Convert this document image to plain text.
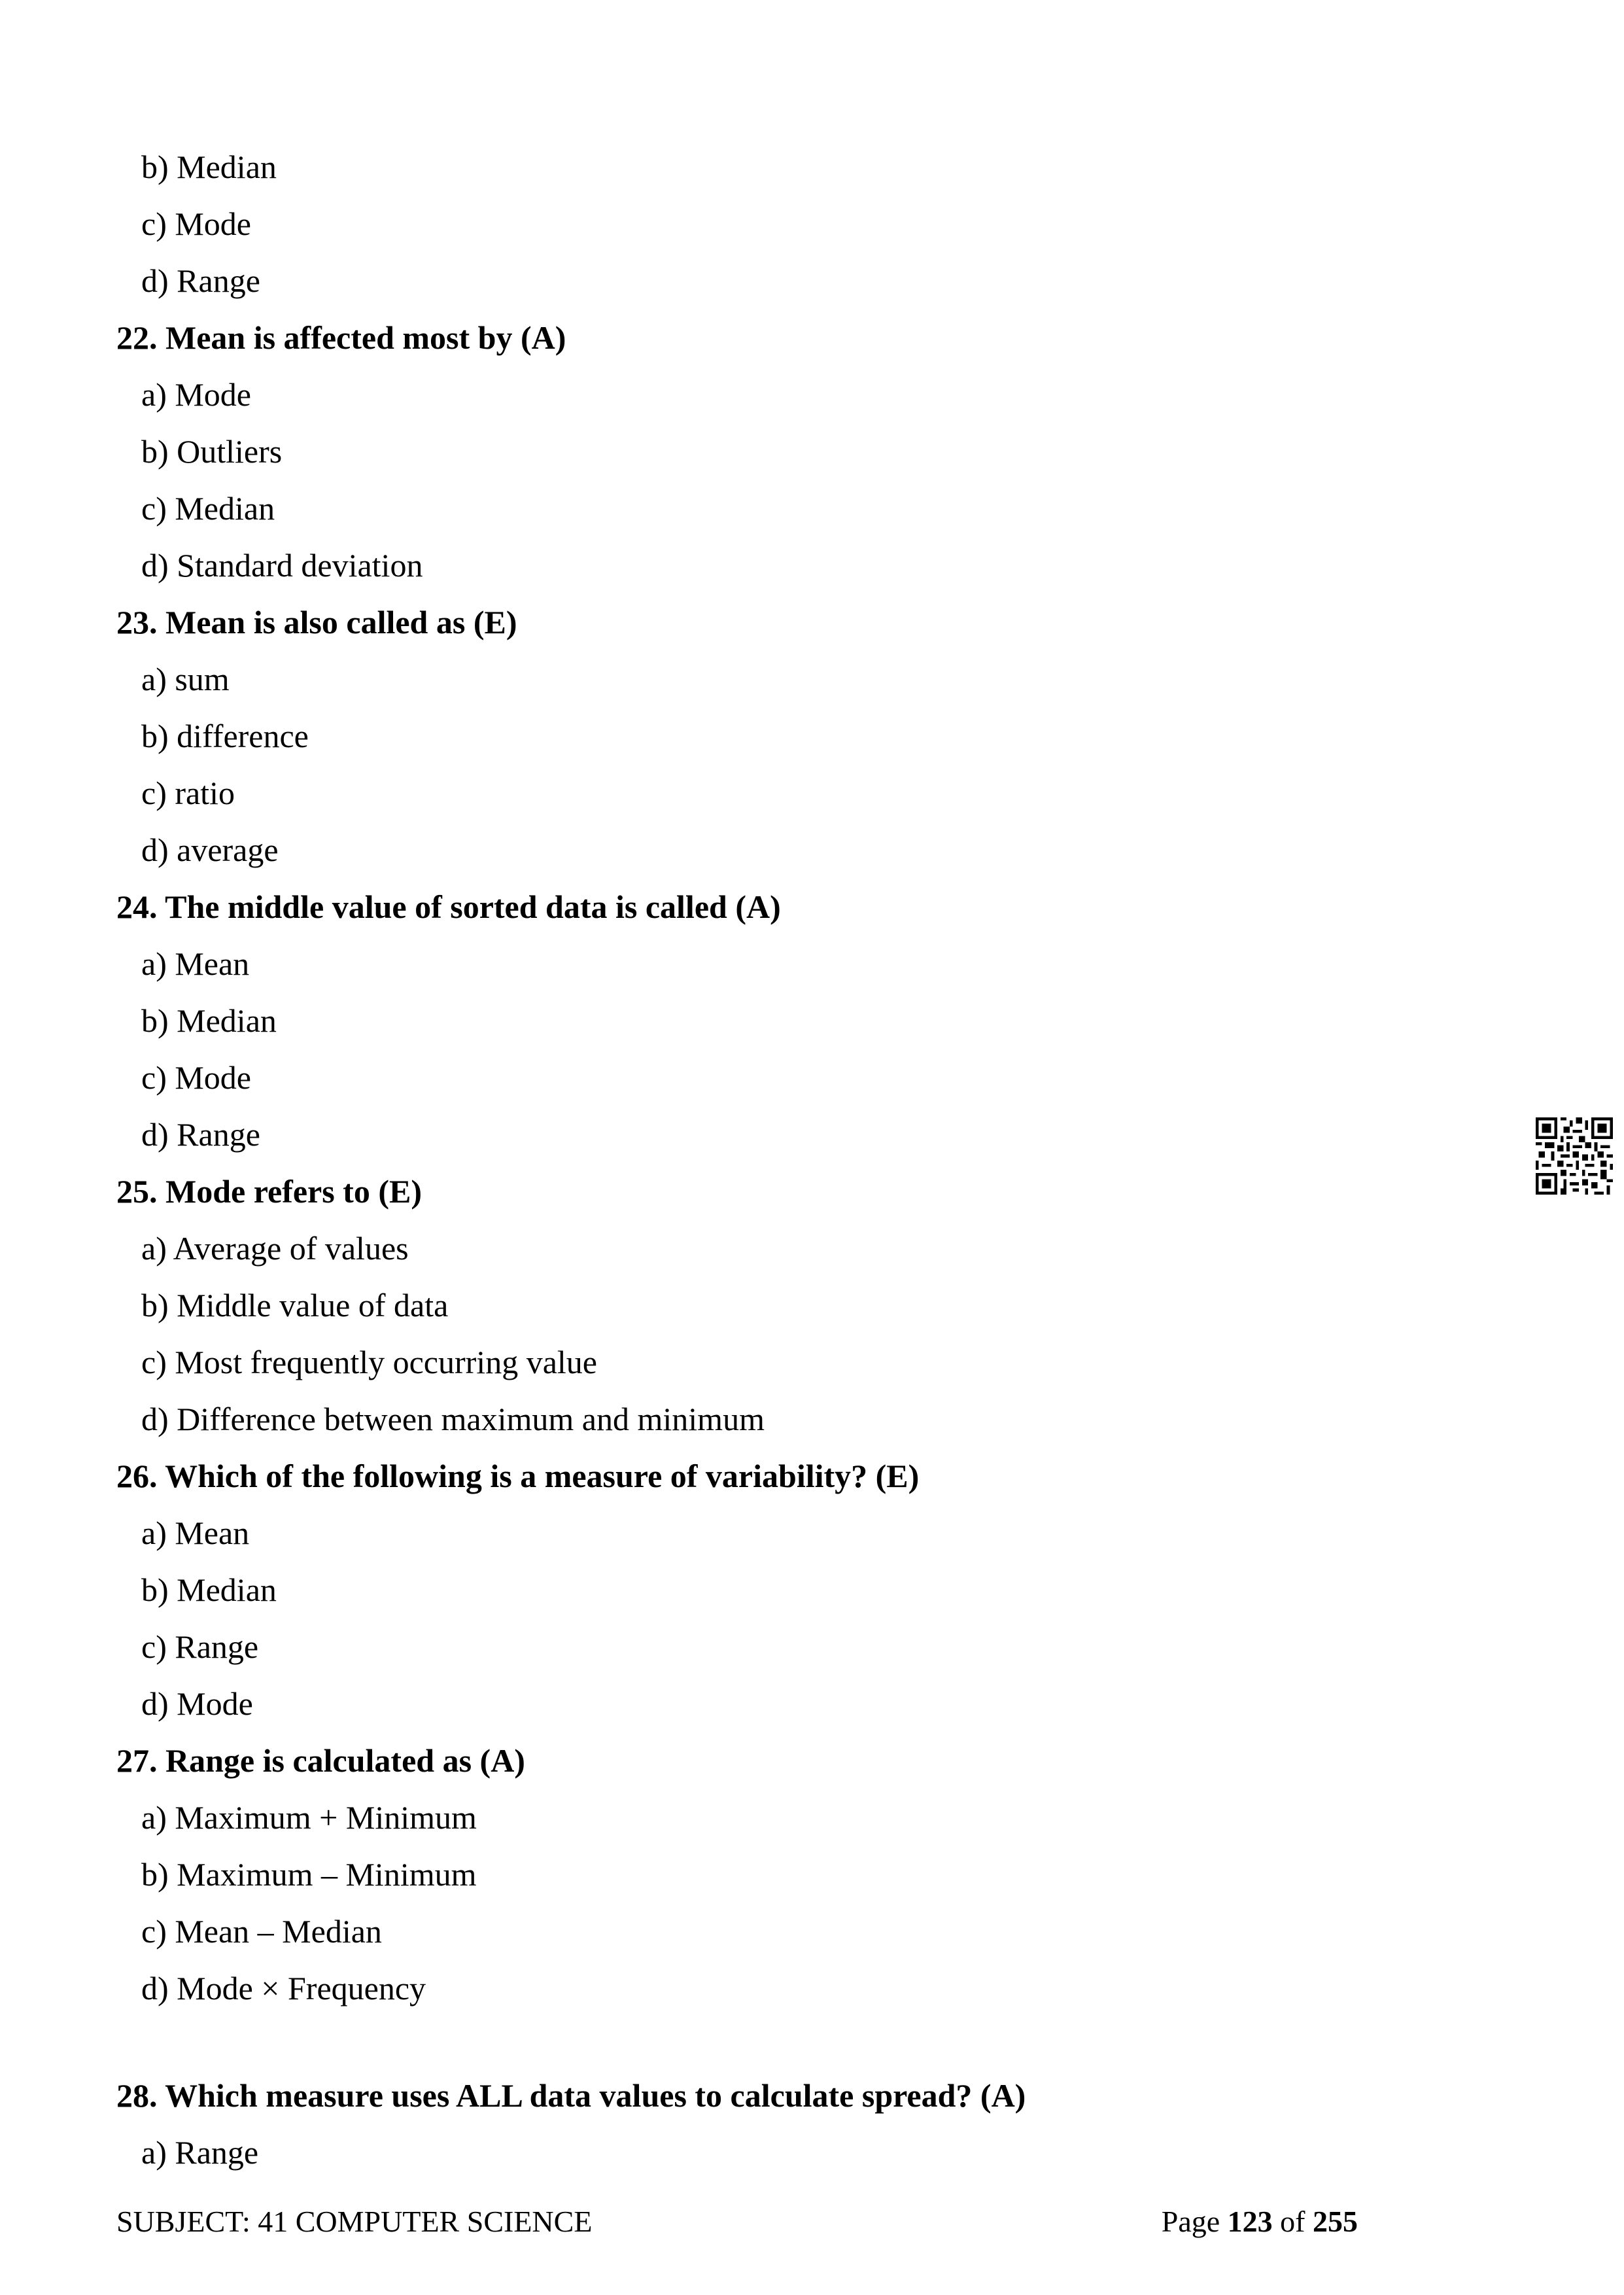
b) Median
c) Mode
d) Range
22. Mean is affected most by (A)
a) Mode
b) Outliers
c) Median
d) Standard deviation
23. Mean is also called as (E)
a) sum
b) difference
c) ratio
d) average
24. The middle value of sorted data is called (A)
a) Mean
b) Median
c) Mode
d) Range
25. Mode refers to (E)
a) Average of values
b) Middle value of data
c) Most frequently occurring value
d) Difference between maximum and minimum
26. Which of the following is a measure of variability? (E)
a) Mean
b) Median
c) Range
d) Mode
27. Range is calculated as (A)
a) Maximum + Minimum
b) Maximum – Minimum
c) Mean – Median
d) Mode × Frequency
28. Which measure uses ALL data values to calculate spread? (A)
a) Range
SUBJECT: 41 COMPUTER SCIENCE	Page 123 of 255
